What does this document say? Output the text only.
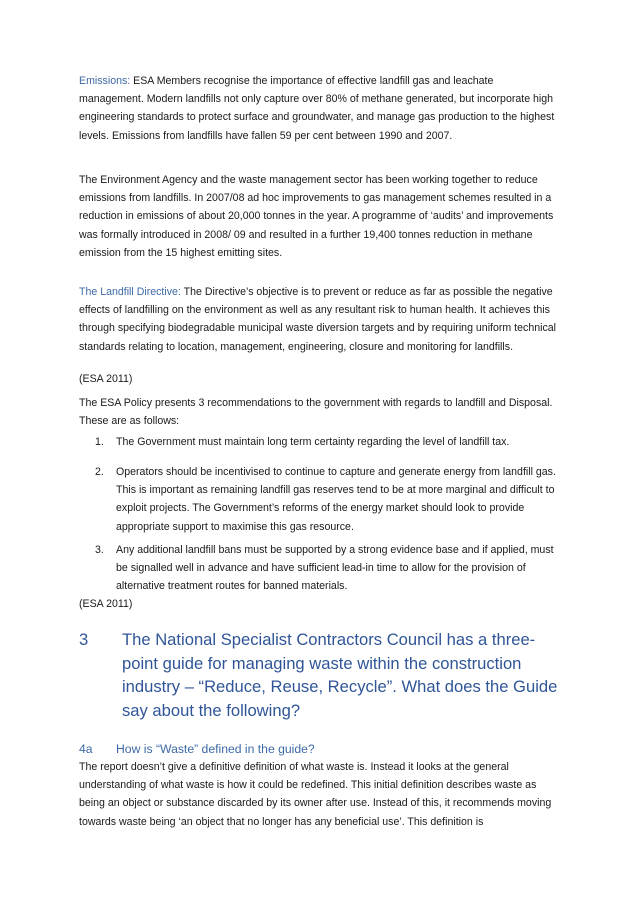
Emissions: ESA Members recognise the importance of effective landfill gas and leachate management. Modern landfills not only capture over 80% of methane generated, but incorporate high engineering standards to protect surface and groundwater, and manage gas production to the highest levels. Emissions from landfills have fallen 59 per cent between 1990 and 2007.

The Environment Agency and the waste management sector has been working together to reduce emissions from landfills. In 2007/08 ad hoc improvements to gas management schemes resulted in a reduction in emissions of about 20,000 tonnes in the year. A programme of ‘audits’ and improvements was formally introduced in 2008/ 09 and resulted in a further 19,400 tonnes reduction in methane emission from the 15 highest emitting sites.

The Landfill Directive: The Directive’s objective is to prevent or reduce as far as possible the negative effects of landfilling on the environment as well as any resultant risk to human health. It achieves this through specifying biodegradable municipal waste diversion targets and by requiring uniform technical standards relating to location, management, engineering, closure and monitoring for landfills.

(ESA 2011)

The ESA Policy presents 3 recommendations to the government with regards to landfill and Disposal. These are as follows:

1. The Government must maintain long term certainty regarding the level of landfill tax.
2. Operators should be incentivised to continue to capture and generate energy from landfill gas. This is important as remaining landfill gas reserves tend to be at more marginal and difficult to exploit projects. The Government’s reforms of the energy market should look to provide appropriate support to maximise this gas resource.
3. Any additional landfill bans must be supported by a strong evidence base and if applied, must be signalled well in advance and have sufficient lead-in time to allow for the provision of alternative treatment routes for banned materials.

(ESA 2011)

3 The National Specialist Contractors Council has a three-point guide for managing waste within the construction industry – “Reduce, Reuse, Recycle”. What does the Guide say about the following?
4a How is “Waste” defined in the guide?

The report doesn’t give a definitive definition of what waste is. Instead it looks at the general understanding of what waste is how it could be redefined. This initial definition describes waste as being an object or substance discarded by its owner after use. Instead of this, it recommends moving towards waste being ‘an object that no longer has any beneficial use’. This definition is
